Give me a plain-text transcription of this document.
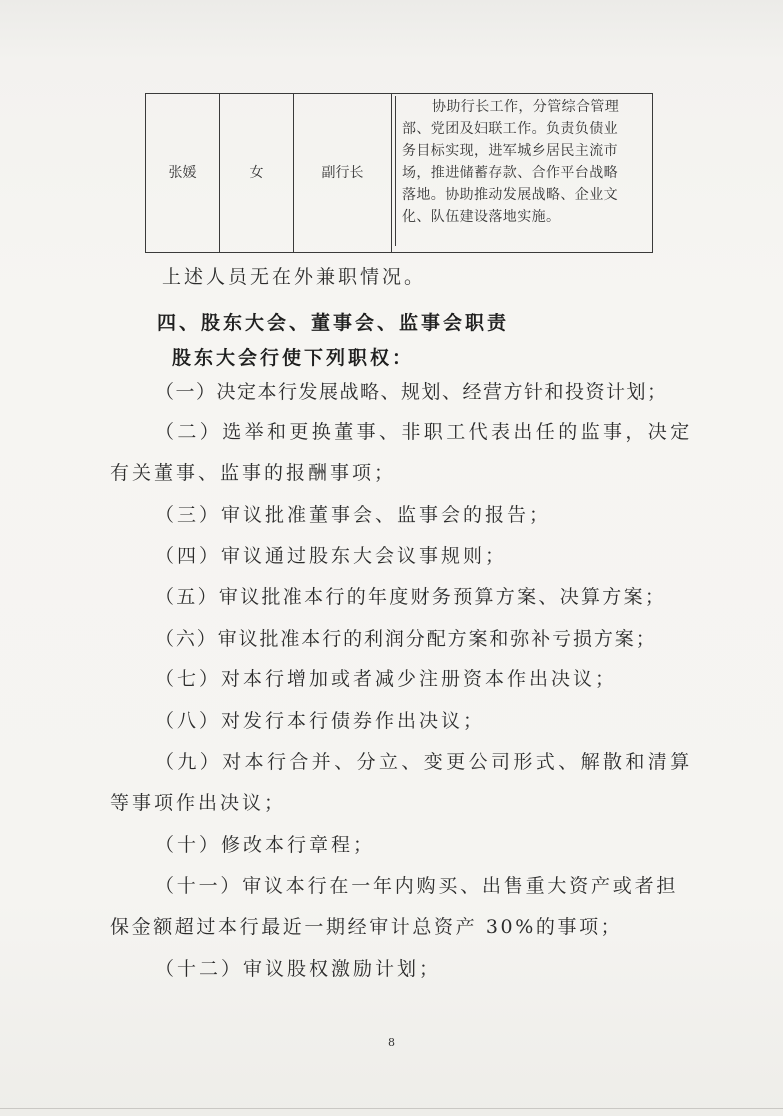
张媛	女	副行长	
协助行长工作，分管综合管理
部、党团及妇联工作。负责负债业
务目标实现，进军城乡居民主流市
场，推进储蓄存款、合作平台战略
落地。协助推动发展战略、企业文
化、队伍建设落地实施。
上述人员无在外兼职情况。
四、股东大会、董事会、监事会职责
股东大会行使下列职权：
（一）决定本行发展战略、规划、经营方针和投资计划；
（二）选举和更换董事、非职工代表出任的监事，决定
有关董事、监事的报酬事项；
（三）审议批准董事会、监事会的报告；
（四）审议通过股东大会议事规则；
（五）审议批准本行的年度财务预算方案、决算方案；
（六）审议批准本行的利润分配方案和弥补亏损方案；
（七）对本行增加或者减少注册资本作出决议；
（八）对发行本行债券作出决议；
（九）对本行合并、分立、变更公司形式、解散和清算
等事项作出决议；
（十）修改本行章程；
（十一）审议本行在一年内购买、出售重大资产或者担
保金额超过本行最近一期经审计总资产 30%的事项；
（十二）审议股权激励计划；
8
